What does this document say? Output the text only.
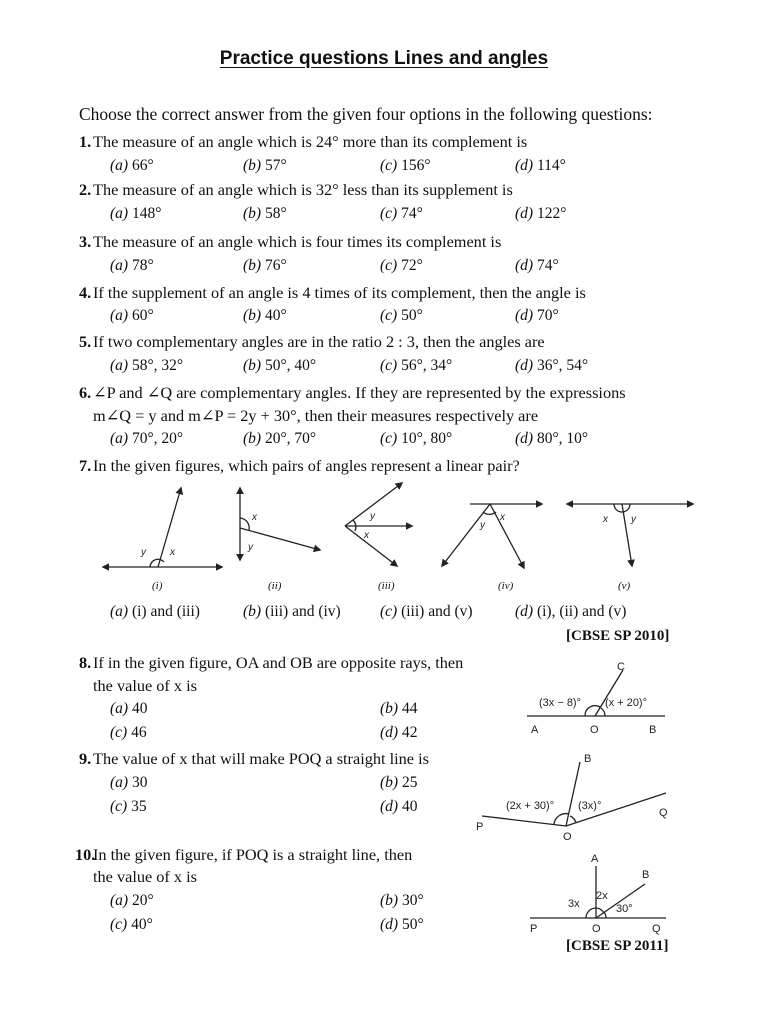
Practice questions Lines and angles
Choose the correct answer from the given four options in the following questions:
1. The measure of an angle which is 24° more than its complement is
(a) 66°	(b) 57°	(c) 156°	(d) 114°
2. The measure of an angle which is 32° less than its supplement is
(a) 148°	(b) 58°	(c) 74°	(d) 122°
3. The measure of an angle which is four times its complement is
(a) 78°	(b) 76°	(c) 72°	(d) 74°
4. If the supplement of an angle is 4 times of its complement, then the angle is
(a) 60°	(b) 40°	(c) 50°	(d) 70°
5. If two complementary angles are in the ratio 2 : 3, then the angles are
(a) 58°, 32°	(b) 50°, 40°	(c) 56°, 34°	(d) 36°, 54°
6. ∠P and ∠Q are complementary angles. If they are represented by the expressions
m∠Q = y and m∠P = 2y + 30°, then their measures respectively are
(a) 70°, 20°	(b) 20°, 70°	(c) 10°, 80°	(d) 80°, 10°
7. In the given figures, which pairs of angles represent a linear pair?
y x
x
y
y
x
y
x	x y
(i)	(ii)	(iii)	(iv)	(v)
(a) (i) and (iii)	(b) (iii) and (iv)	(c) (iii) and (v)	(d) (i), (ii) and (v)
[CBSE SP 2010]
8. If in the given figure, OA and OB are opposite rays, then
the value of x is
(a) 40	(b) 44
(c) 46	(d) 42
(3x − 8)° (x + 20)°
A	O	B
C
9. The value of x that will make POQ a straight line is
(a) 30	(b) 25
(c) 35	(d) 40	(2x + 30)° (3x)°
P
O
Q
B
10.
In the given figure, if POQ is a straight line, then
the value of x is
(a) 20°	(b) 30°
(c) 40°	(d) 50°
3x
2x
30°
P	O	Q
A
B
[CBSE SP 2011]
